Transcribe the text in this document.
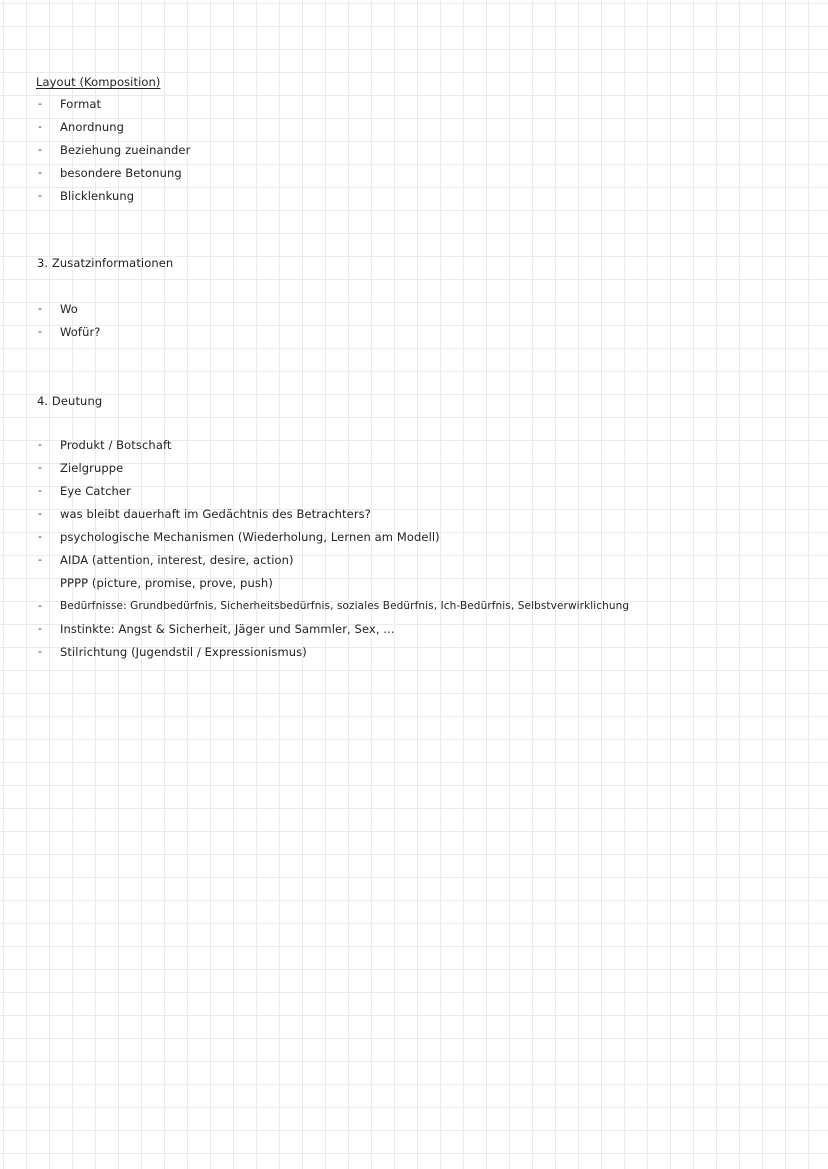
Layout (Komposition)
- Format
- Anordnung
- Beziehung zueinander
- besondere Betonung
- Blicklenkung
3. Zusatzinformationen
- Wo
- Wofür?
4. Deutung
- Produkt / Botschaft
- Zielgruppe
- Eye Catcher
- was bleibt dauerhaft im Gedächtnis des Betrachters?
- psychologische Mechanismen (Wiederholung, Lernen am Modell)
- AIDA (attention, interest, desire, action)
PPPP (picture, promise, prove, push)
- Bedürfnisse: Grundbedürfnis, Sicherheitsbedürfnis, soziales Bedürfnis, Ich-Bedürfnis, Selbstverwirklichung
- Instinkte: Angst & Sicherheit, Jäger und Sammler, Sex, ...
- Stilrichtung (Jugendstil / Expressionismus)
